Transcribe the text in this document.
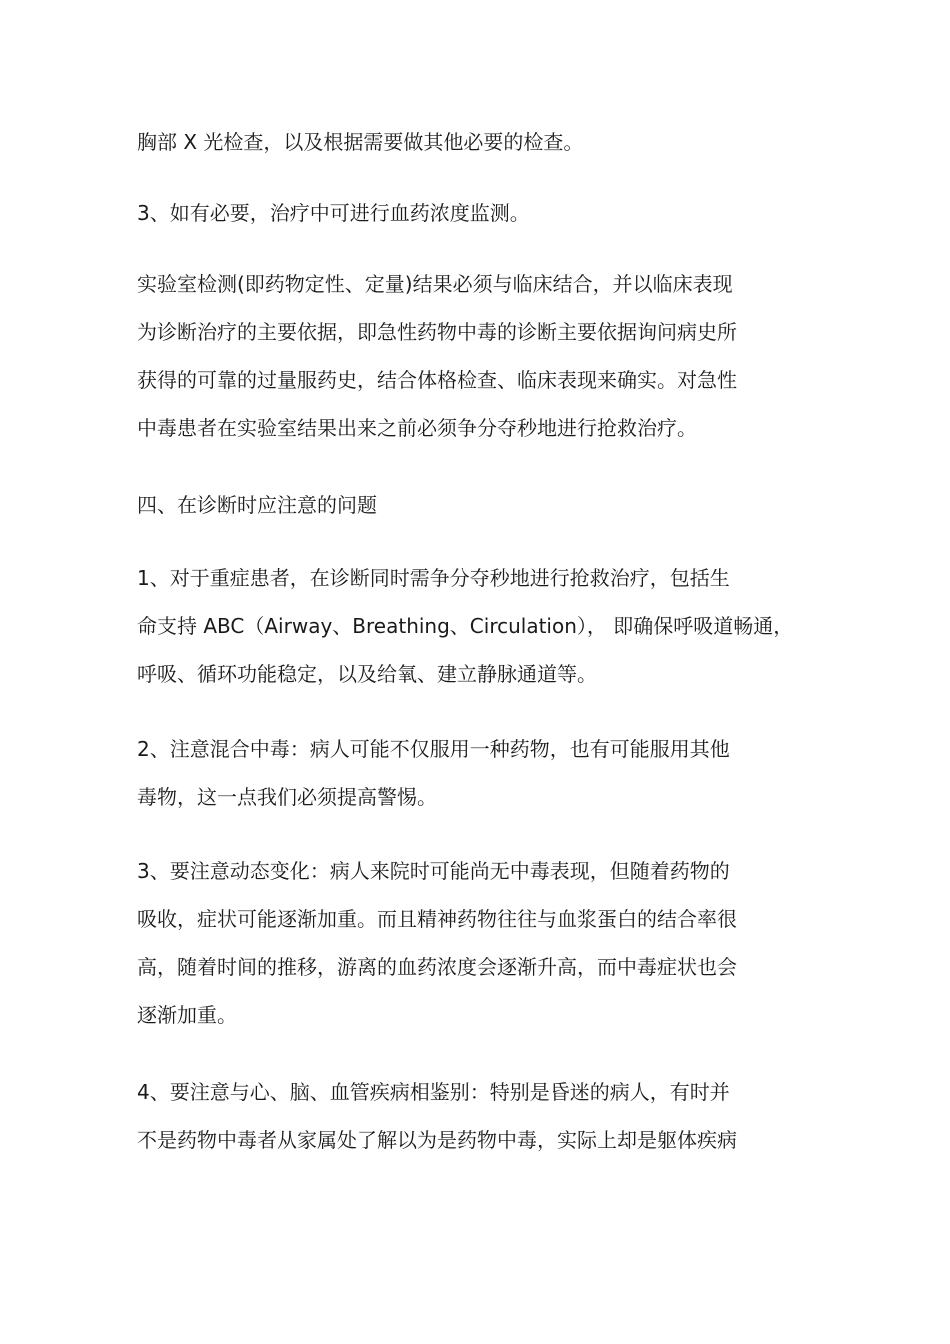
胸部 X 光检查，以及根据需要做其他必要的检查。

3、如有必要，治疗中可进行血药浓度监测。

实验室检测(即药物定性、定量)结果必须与临床结合，并以临床表现
为诊断治疗的主要依据，即急性药物中毒的诊断主要依据询问病史所
获得的可靠的过量服药史，结合体格检查、临床表现来确实。对急性
中毒患者在实验室结果出来之前必须争分夺秒地进行抢救治疗。

四、在诊断时应注意的问题

1、对于重症患者，在诊断同时需争分夺秒地进行抢救治疗，包括生
命支持 ABC（Airway、Breathing、Circulation）， 即确保呼吸道畅通，
呼吸、循环功能稳定，以及给氧、建立静脉通道等。

2、注意混合中毒：病人可能不仅服用一种药物，也有可能服用其他
毒物，这一点我们必须提高警惕。

3、要注意动态变化：病人来院时可能尚无中毒表现，但随着药物的
吸收，症状可能逐渐加重。而且精神药物往往与血浆蛋白的结合率很
高，随着时间的推移，游离的血药浓度会逐渐升高，而中毒症状也会
逐渐加重。

4、要注意与心、脑、血管疾病相鉴别：特别是昏迷的病人，有时并
不是药物中毒者从家属处了解以为是药物中毒，实际上却是躯体疾病
